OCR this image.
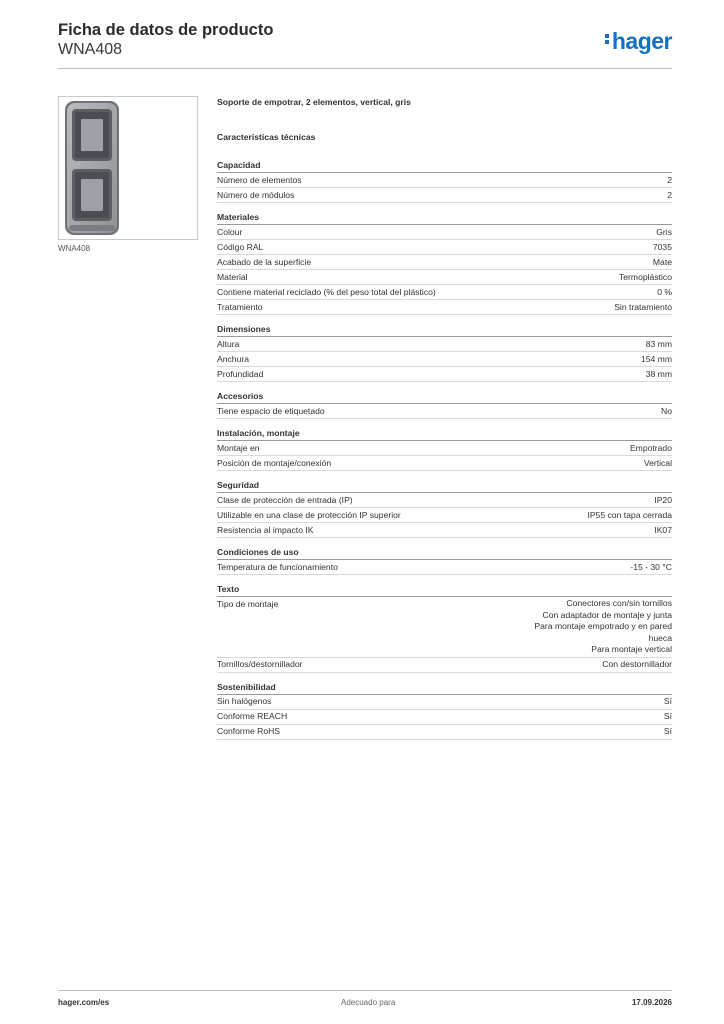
Ficha de datos de producto
WNA408	hager
WNA408
Soporte de empotrar, 2 elementos, vertical, gris
Características técnicas
Capacidad
Número de elementos	2
Número de módulos	2
Materiales
Colour	Gris
Código RAL	7035
Acabado de la superficie	Mate
Material	Termoplástico
Contiene material reciclado (% del peso total del plástico)	0 %
Tratamiento	Sin tratamiento
Dimensiones
Altura	83 mm
Anchura	154 mm
Profundidad	38 mm
Accesorios
Tiene espacio de etiquetado	No
Instalación, montaje
Montaje en	Empotrado
Posición de montaje/conexión	Vertical
Seguridad
Clase de protección de entrada (IP)	IP20
Utilizable en una clase de protección IP superior	IP55 con tapa cerrada
Resistencia al impacto IK	IK07
Condiciones de uso
Temperatura de funcionamiento	-15 - 30 °C
Texto
Tipo de montaje	Conectores con/sin tornillos
Con adaptador de montaje y junta
Para montaje empotrado y en pared
hueca
Para montaje vertical
Tornillos/destornillador	Con destornillador
Sostenibilidad
Sin halógenos	Sí
Conforme REACH	Sí
Conforme RoHS	Sí
hager.com/es	Adecuado para	17.09.2026
